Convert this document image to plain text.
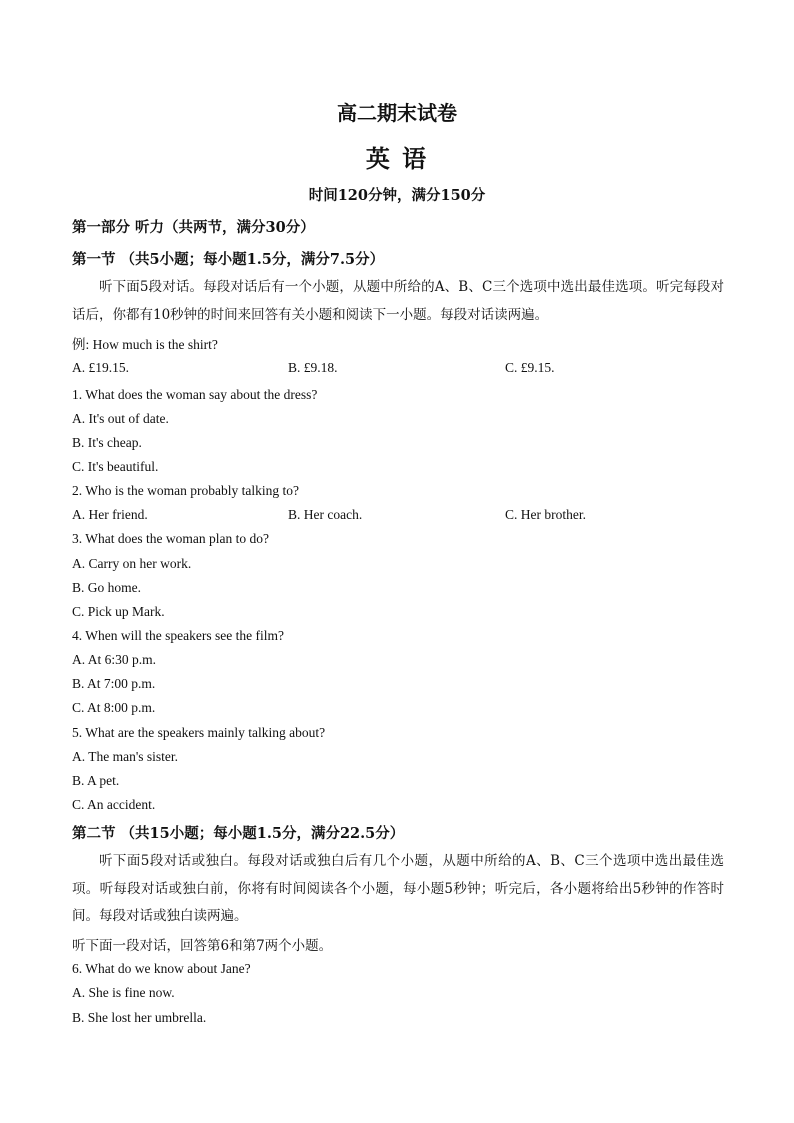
高二期末试卷
英 语
时间120分钟，满分150分
第一部分 听力（共两节，满分30分）
第一节 （共5小题；每小题1.5分，满分7.5分）
听下面5段对话。每段对话后有一个小题，从题中所给的A、B、C三个选项中选出最佳选项。听完每段对话后，你都有10秒钟的时间来回答有关小题和阅读下一小题。每段对话读两遍。
例: How much is the shirt?
A. £19.15.	B. £9.18.	C. £9.15.
1. What does the woman say about the dress?
A. It's out of date.
B. It's cheap.
C. It's beautiful.
2. Who is the woman probably talking to?
A. Her friend.	B. Her coach.	C. Her brother.
3. What does the woman plan to do?
A. Carry on her work.
B. Go home.
C. Pick up Mark.
4. When will the speakers see the film?
A. At 6:30 p.m.
B. At 7:00 p.m.
C. At 8:00 p.m.
5. What are the speakers mainly talking about?
A. The man's sister.
B. A pet.
C. An accident.
第二节 （共15小题；每小题1.5分，满分22.5分）
听下面5段对话或独白。每段对话或独白后有几个小题，从题中所给的A、B、C三个选项中选出最佳选项。听每段对话或独白前，你将有时间阅读各个小题，每小题5秒钟；听完后，各小题将给出5秒钟的作答时间。每段对话或独白读两遍。
听下面一段对话，回答第6和第7两个小题。
6. What do we know about Jane?
A. She is fine now.
B. She lost her umbrella.
